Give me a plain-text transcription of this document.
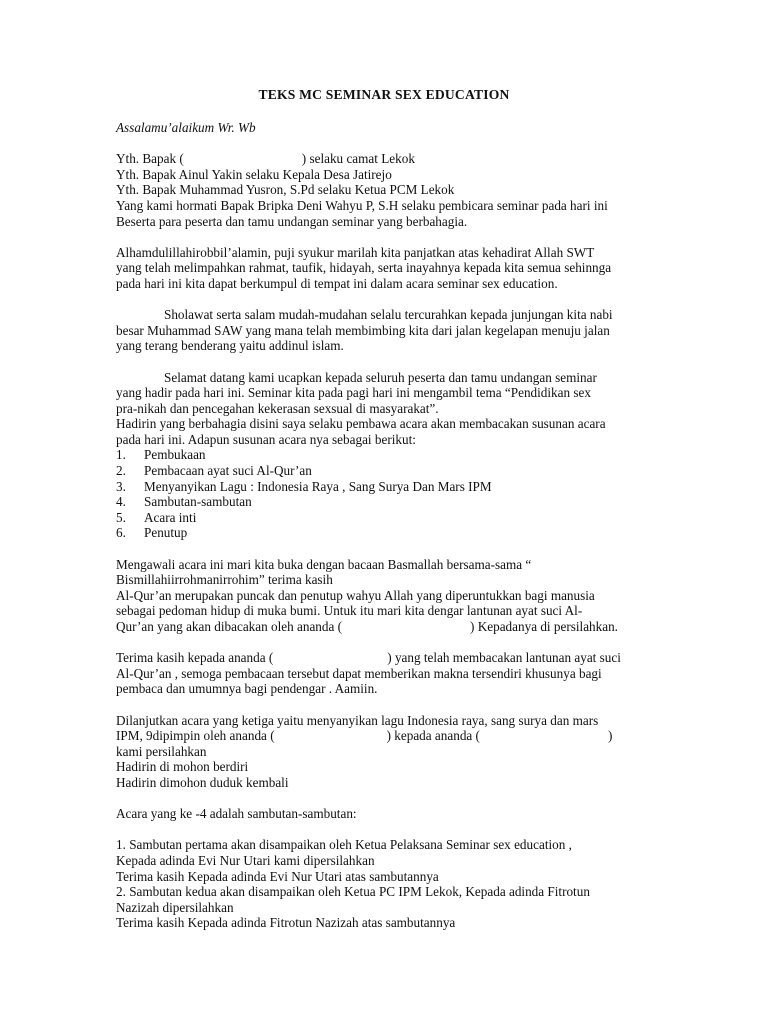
TEKS MC SEMINAR SEX EDUCATION
Assalamu’alaikum Wr. Wb
Yth. Bapak (	) selaku camat Lekok
Yth. Bapak Ainul Yakin selaku Kepala Desa Jatirejo
Yth. Bapak Muhammad Yusron, S.Pd selaku Ketua PCM Lekok
Yang kami hormati Bapak Bripka Deni Wahyu P, S.H selaku pembicara seminar pada hari ini
Beserta para peserta dan tamu undangan seminar yang berbahagia.
Alhamdulillahirobbil’alamin, puji syukur marilah kita panjatkan atas kehadirat Allah SWT
yang telah melimpahkan rahmat, taufik, hidayah, serta inayahnya kepada kita semua sehinnga
pada hari ini kita dapat berkumpul di tempat ini dalam acara seminar sex education.
Sholawat serta salam mudah-mudahan selalu tercurahkan kepada junjungan kita nabi
besar Muhammad SAW yang mana telah membimbing kita dari jalan kegelapan menuju jalan
yang terang benderang yaitu addinul islam.
Selamat datang kami ucapkan kepada seluruh peserta dan tamu undangan seminar
yang hadir pada hari ini. Seminar kita pada pagi hari ini mengambil tema “Pendidikan sex
pra-nikah dan pencegahan kekerasan sexsual di masyarakat”.
Hadirin yang berbahagia disini saya selaku pembawa acara akan membacakan susunan acara
pada hari ini. Adapun susunan acara nya sebagai berikut:
1. Pembukaan
2. Pembacaan ayat suci Al-Qur’an
3. Menyanyikan Lagu : Indonesia Raya , Sang Surya Dan Mars IPM
4. Sambutan-sambutan
5. Acara inti
6. Penutup
Mengawali acara ini mari kita buka dengan bacaan Basmallah bersama-sama “
Bismillahiirrohmanirrohim” terima kasih
Al-Qur’an merupakan puncak dan penutup wahyu Allah yang diperuntukkan bagi manusia
sebagai pedoman hidup di muka bumi. Untuk itu mari kita dengar lantunan ayat suci Al-
Qur’an yang akan dibacakan oleh ananda (	) Kepadanya di persilahkan.
Terima kasih kepada ananda (	) yang telah membacakan lantunan ayat suci
Al-Qur’an , semoga pembacaan tersebut dapat memberikan makna tersendiri khusunya bagi
pembaca dan umumnya bagi pendengar . Aamiin.
Dilanjutkan acara yang ketiga yaitu menyanyikan lagu Indonesia raya, sang surya dan mars
IPM, 9dipimpin oleh ananda (	) kepada ananda (	)
kami persilahkan
Hadirin di mohon berdiri
Hadirin dimohon duduk kembali
Acara yang ke -4 adalah sambutan-sambutan:
1. Sambutan pertama akan disampaikan oleh Ketua Pelaksana Seminar sex education ,
Kepada adinda Evi Nur Utari kami dipersilahkan
Terima kasih Kepada adinda Evi Nur Utari atas sambutannya
2. Sambutan kedua akan disampaikan oleh Ketua PC IPM Lekok, Kepada adinda Fitrotun
Nazizah dipersilahkan
Terima kasih Kepada adinda Fitrotun Nazizah atas sambutannya
